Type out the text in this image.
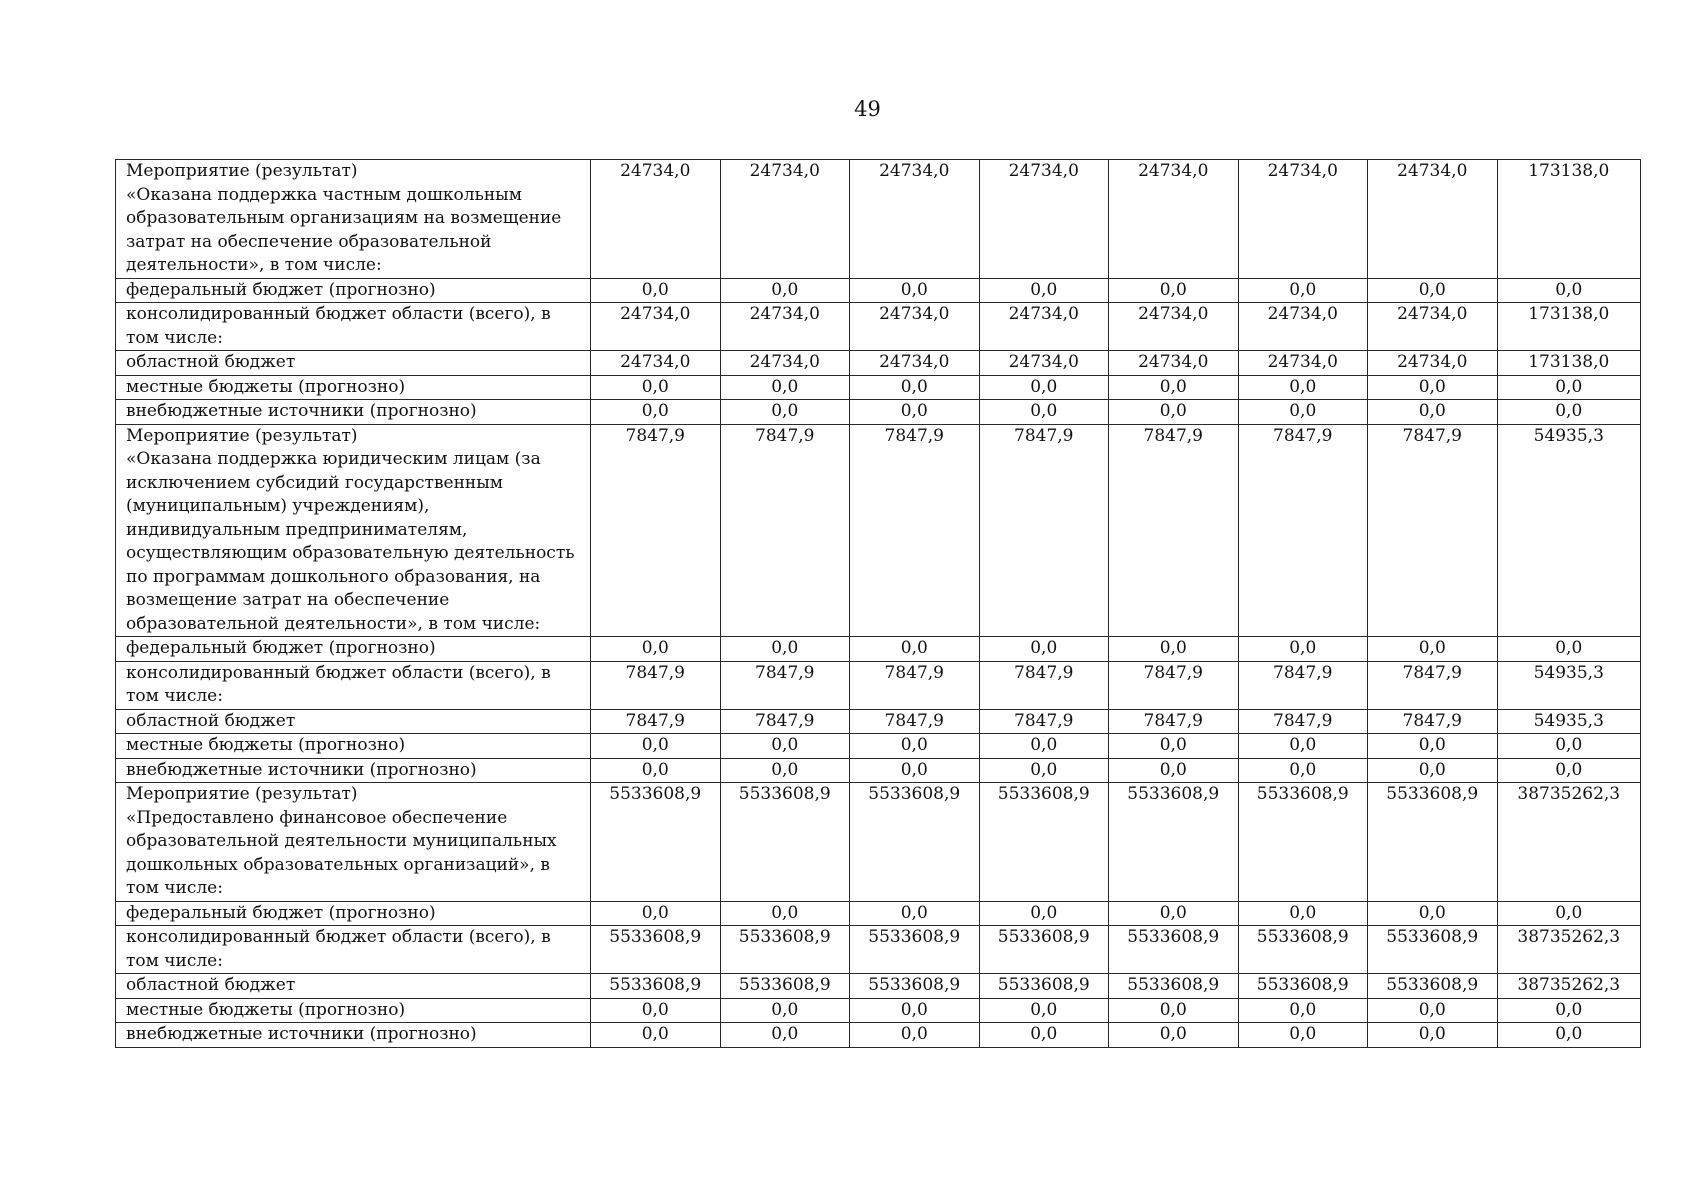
49
Мероприятие (результат)
«Оказана поддержка частным дошкольным образовательным организациям на возмещение затрат на обеспечение образовательной деятельности», в том числе:	24734,0	24734,0	24734,0	24734,0	24734,0	24734,0	24734,0	173138,0
федеральный бюджет (прогнозно)	0,0	0,0	0,0	0,0	0,0	0,0	0,0	0,0
консолидированный бюджет области (всего), в том числе:	24734,0	24734,0	24734,0	24734,0	24734,0	24734,0	24734,0	173138,0
областной бюджет	24734,0	24734,0	24734,0	24734,0	24734,0	24734,0	24734,0	173138,0
местные бюджеты (прогнозно)	0,0	0,0	0,0	0,0	0,0	0,0	0,0	0,0
внебюджетные источники (прогнозно)	0,0	0,0	0,0	0,0	0,0	0,0	0,0	0,0
Мероприятие (результат)
«Оказана поддержка юридическим лицам (за исключением субсидий государственным (муниципальным) учреждениям), индивидуальным предпринимателям, осуществляющим образовательную деятельность по программам дошкольного образования, на возмещение затрат на обеспечение образовательной деятельности», в том числе:	7847,9	7847,9	7847,9	7847,9	7847,9	7847,9	7847,9	54935,3
федеральный бюджет (прогнозно)	0,0	0,0	0,0	0,0	0,0	0,0	0,0	0,0
консолидированный бюджет области (всего), в том числе:	7847,9	7847,9	7847,9	7847,9	7847,9	7847,9	7847,9	54935,3
областной бюджет	7847,9	7847,9	7847,9	7847,9	7847,9	7847,9	7847,9	54935,3
местные бюджеты (прогнозно)	0,0	0,0	0,0	0,0	0,0	0,0	0,0	0,0
внебюджетные источники (прогнозно)	0,0	0,0	0,0	0,0	0,0	0,0	0,0	0,0
Мероприятие (результат)
«Предоставлено финансовое обеспечение образовательной деятельности муниципальных дошкольных образовательных организаций», в том числе:	5533608,9	5533608,9	5533608,9	5533608,9	5533608,9	5533608,9	5533608,9	38735262,3
федеральный бюджет (прогнозно)	0,0	0,0	0,0	0,0	0,0	0,0	0,0	0,0
консолидированный бюджет области (всего), в том числе:	5533608,9	5533608,9	5533608,9	5533608,9	5533608,9	5533608,9	5533608,9	38735262,3
областной бюджет	5533608,9	5533608,9	5533608,9	5533608,9	5533608,9	5533608,9	5533608,9	38735262,3
местные бюджеты (прогнозно)	0,0	0,0	0,0	0,0	0,0	0,0	0,0	0,0
внебюджетные источники (прогнозно)	0,0	0,0	0,0	0,0	0,0	0,0	0,0	0,0
